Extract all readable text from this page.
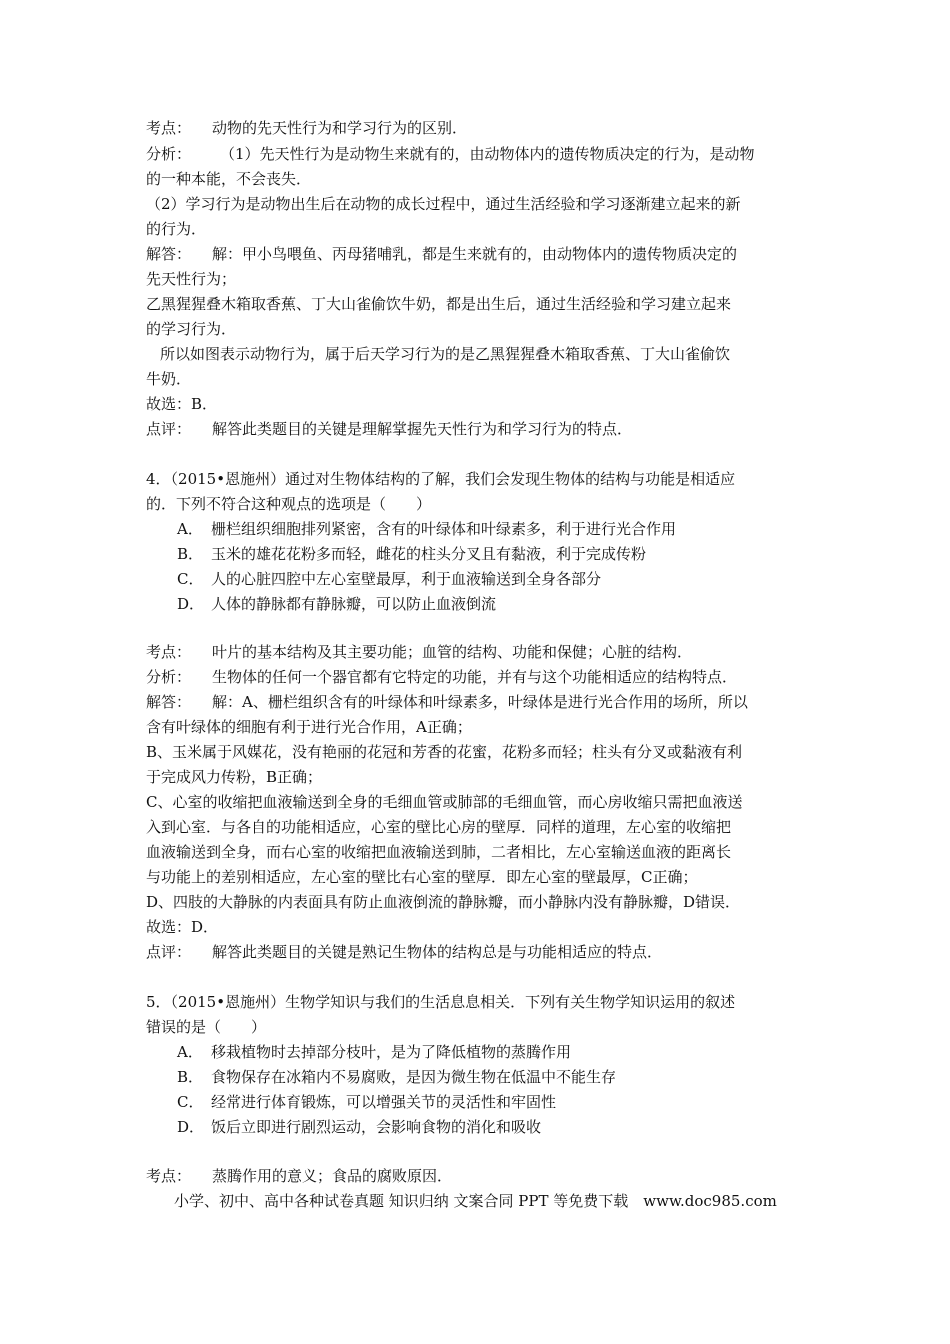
考点： 动物的先天性行为和学习行为的区别．
分析： （1）先天性行为是动物生来就有的，由动物体内的遗传物质决定的行为，是动物
的一种本能，不会丧失．
（2）学习行为是动物出生后在动物的成长过程中，通过生活经验和学习逐渐建立起来的新
的行为．
解答： 解：甲小鸟喂鱼、丙母猪哺乳，都是生来就有的，由动物体内的遗传物质决定的
先天性行为；
乙黑猩猩叠木箱取香蕉、丁大山雀偷饮牛奶，都是出生后，通过生活经验和学习建立起来
的学习行为．
所以如图表示动物行为，属于后天学习行为的是乙黑猩猩叠木箱取香蕉、丁大山雀偷饮
牛奶．
故选：B．
点评： 解答此类题目的关键是理解掌握先天性行为和学习行为的特点．
4．（2015•恩施州）通过对生物体结构的了解，我们会发现生物体的结构与功能是相适应
的．下列不符合这种观点的选项是（　　）
A． 栅栏组织细胞排列紧密，含有的叶绿体和叶绿素多，利于进行光合作用
B． 玉米的雄花花粉多而轻，雌花的柱头分叉且有黏液，利于完成传粉
C． 人的心脏四腔中左心室壁最厚，利于血液输送到全身各部分
D． 人体的静脉都有静脉瓣，可以防止血液倒流
考点： 叶片的基本结构及其主要功能；血管的结构、功能和保健；心脏的结构．
分析： 生物体的任何一个器官都有它特定的功能，并有与这个功能相适应的结构特点．
解答： 解：A、栅栏组织含有的叶绿体和叶绿素多，叶绿体是进行光合作用的场所，所以
含有叶绿体的细胞有利于进行光合作用，A正确；
B、玉米属于风媒花，没有艳丽的花冠和芳香的花蜜，花粉多而轻；柱头有分叉或黏液有利
于完成风力传粉，B正确；
C、心室的收缩把血液输送到全身的毛细血管或肺部的毛细血管，而心房收缩只需把血液送
入到心室．与各自的功能相适应，心室的壁比心房的壁厚．同样的道理，左心室的收缩把
血液输送到全身，而右心室的收缩把血液输送到肺，二者相比，左心室输送血液的距离长
与功能上的差别相适应，左心室的壁比右心室的壁厚．即左心室的壁最厚，C正确；
D、四肢的大静脉的内表面具有防止血液倒流的静脉瓣，而小静脉内没有静脉瓣，D错误．
故选：D．
点评： 解答此类题目的关键是熟记生物体的结构总是与功能相适应的特点．
5．（2015•恩施州）生物学知识与我们的生活息息相关．下列有关生物学知识运用的叙述
错误的是（　　）
A． 移栽植物时去掉部分枝叶，是为了降低植物的蒸腾作用
B． 食物保存在冰箱内不易腐败，是因为微生物在低温中不能生存
C． 经常进行体育锻炼，可以增强关节的灵活性和牢固性
D． 饭后立即进行剧烈运动，会影响食物的消化和吸收
考点： 蒸腾作用的意义；食品的腐败原因．
小学、初中、高中各种试卷真题 知识归纳 文案合同 PPT 等免费下载　www.doc985.com
